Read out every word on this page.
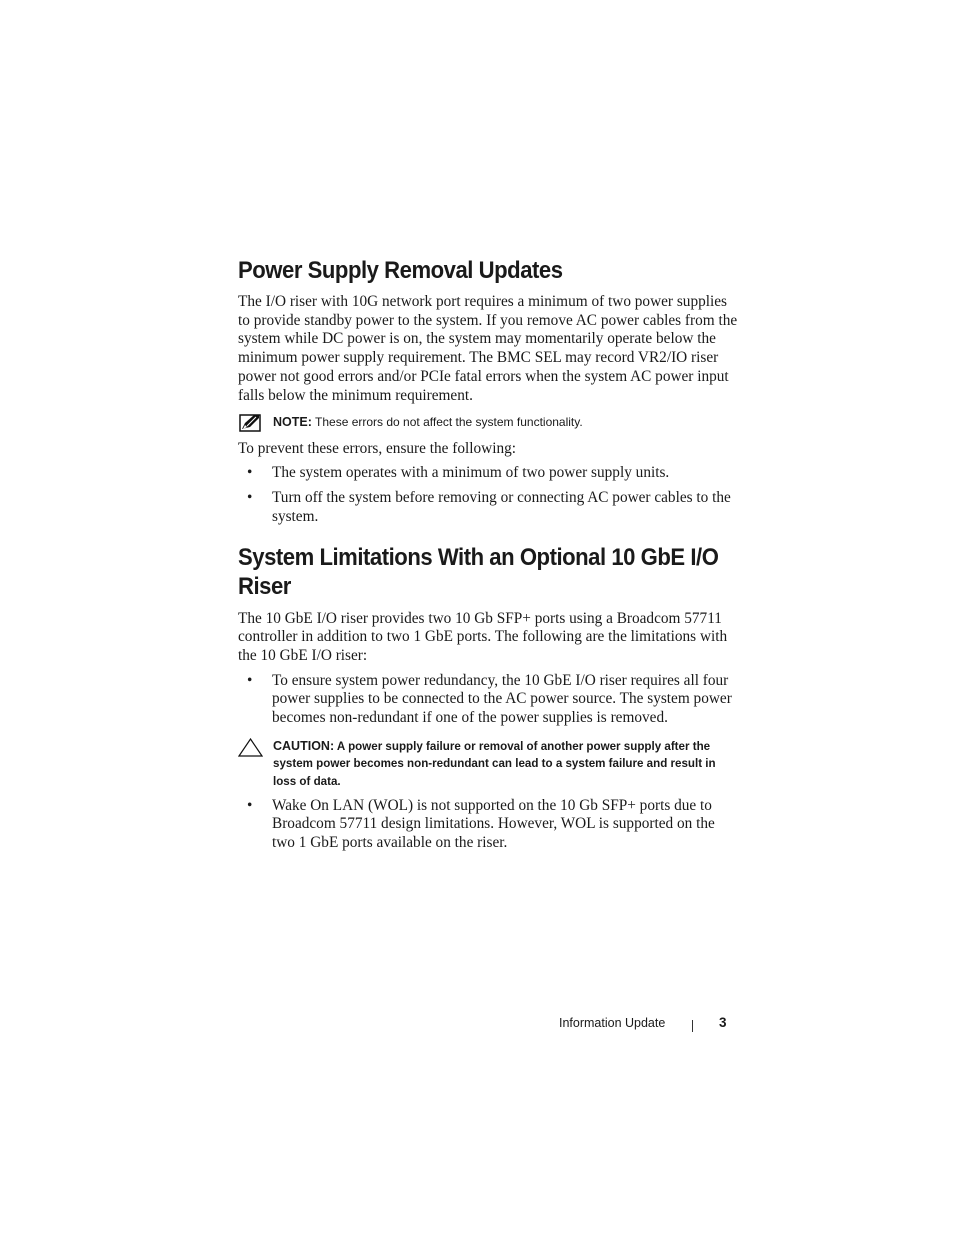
Power Supply Removal Updates

The I/O riser with 10G network port requires a minimum of two power supplies to provide standby power to the system. If you remove AC power cables from the system while DC power is on, the system may momentarily operate below the minimum power supply requirement. The BMC SEL may record VR2/IO riser power not good errors and/or PCIe fatal errors when the system AC power input falls below the minimum requirement.

NOTE: These errors do not affect the system functionality.

To prevent these errors, ensure the following:

• The system operates with a minimum of two power supply units.
• Turn off the system before removing or connecting AC power cables to the system.
System Limitations With an Optional 10 GbE I/O Riser

The 10 GbE I/O riser provides two 10 Gb SFP+ ports using a Broadcom 57711 controller in addition to two 1 GbE ports. The following are the limitations with the 10 GbE I/O riser:

• To ensure system power redundancy, the 10 GbE I/O riser requires all four power supplies to be connected to the AC power source. The system power becomes non-redundant if one of the power supplies is removed.
CAUTION: A power supply failure or removal of another power supply after the system power becomes non-redundant can lead to a system failure and result in loss of data.
• Wake On LAN (WOL) is not supported on the 10 Gb SFP+ ports due to Broadcom 57711 design limitations. However, WOL is supported on the two 1 GbE ports available on the riser.
Information Update	3
